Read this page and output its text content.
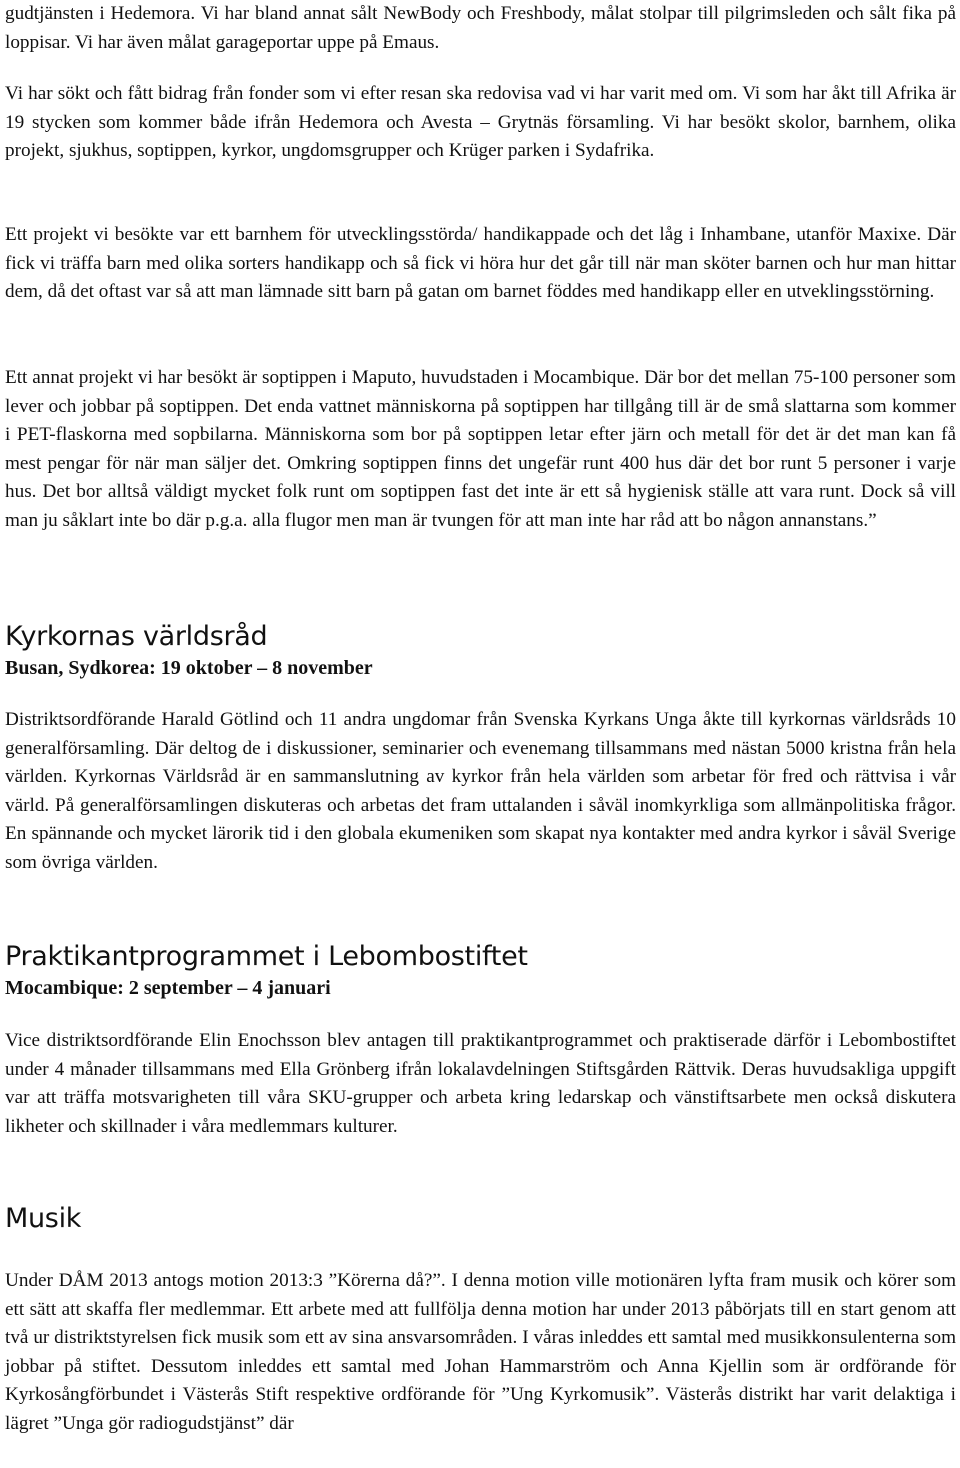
gudtjänsten i Hedemora. Vi har bland annat sålt NewBody och Freshbody, målat stolpar till pilgrimsleden och sålt fika på loppisar. Vi har även målat garageportar uppe på Emaus.

Vi har sökt och fått bidrag från fonder som vi efter resan ska redovisa vad vi har varit med om. Vi som har åkt till Afrika är 19 stycken som kommer både ifrån Hedemora och Avesta – Grytnäs församling. Vi har besökt skolor, barnhem, olika projekt, sjukhus, soptippen, kyrkor, ungdomsgrupper och Krüger parken i Sydafrika.

Ett projekt vi besökte var ett barnhem för utvecklingsstörda/ handikappade och det låg i Inhambane, utanför Maxixe. Där fick vi träffa barn med olika sorters handikapp och så fick vi höra hur det går till när man sköter barnen och hur man hittar dem, då det oftast var så att man lämnade sitt barn på gatan om barnet föddes med handikapp eller en utveklingsstörning.

Ett annat projekt vi har besökt är soptippen i Maputo, huvudstaden i Mocambique. Där bor det mellan 75-100 personer som lever och jobbar på soptippen. Det enda vattnet människorna på soptippen har tillgång till är de små slattarna som kommer i PET-flaskorna med sopbilarna. Människorna som bor på soptippen letar efter järn och metall för det är det man kan få mest pengar för när man säljer det. Omkring soptippen finns det ungefär runt 400 hus där det bor runt 5 personer i varje hus. Det bor alltså väldigt mycket folk runt om soptippen fast det inte är ett så hygienisk ställe att vara runt. Dock så vill man ju såklart inte bo där p.g.a. alla flugor men man är tvungen för att man inte har råd att bo någon annanstans.”

Kyrkornas världsråd
Busan, Sydkorea: 19 oktober – 8 november

Distriktsordförande Harald Götlind och 11 andra ungdomar från Svenska Kyrkans Unga åkte till kyrkornas världsråds 10 generalförsamling. Där deltog de i diskussioner, seminarier och evenemang tillsammans med nästan 5000 kristna från hela världen. Kyrkornas Världsråd är en sammanslutning av kyrkor från hela världen som arbetar för fred och rättvisa i vår värld. På generalförsamlingen diskuteras och arbetas det fram uttalanden i såväl inomkyrkliga som allmänpolitiska frågor. En spännande och mycket lärorik tid i den globala ekumeniken som skapat nya kontakter med andra kyrkor i såväl Sverige som övriga världen.

Praktikantprogrammet i Lebombostiftet
Mocambique: 2 september – 4 januari

Vice distriktsordförande Elin Enochsson blev antagen till praktikantprogrammet och praktiserade därför i Lebombostiftet under 4 månader tillsammans med Ella Grönberg ifrån lokalavdelningen Stiftsgården Rättvik. Deras huvudsakliga uppgift var att träffa motsvarigheten till våra SKU-grupper och arbeta kring ledarskap och vänstiftsarbete men också diskutera likheter och skillnader i våra medlemmars kulturer.

Musik

Under DÅM 2013 antogs motion 2013:3 ”Körerna då?”. I denna motion ville motionären lyfta fram musik och körer som ett sätt att skaffa fler medlemmar. Ett arbete med att fullfölja denna motion har under 2013 påbörjats till en start genom att två ur distriktstyrelsen fick musik som ett av sina ansvarsområden. I våras inleddes ett samtal med musikkonsulenterna som jobbar på stiftet. Dessutom inleddes ett samtal med Johan Hammarström och Anna Kjellin som är ordförande för Kyrkosångförbundet i Västerås Stift respektive ordförande för ”Ung Kyrkomusik”. Västerås distrikt har varit delaktiga i lägret ”Unga gör radiogudstjänst” där
